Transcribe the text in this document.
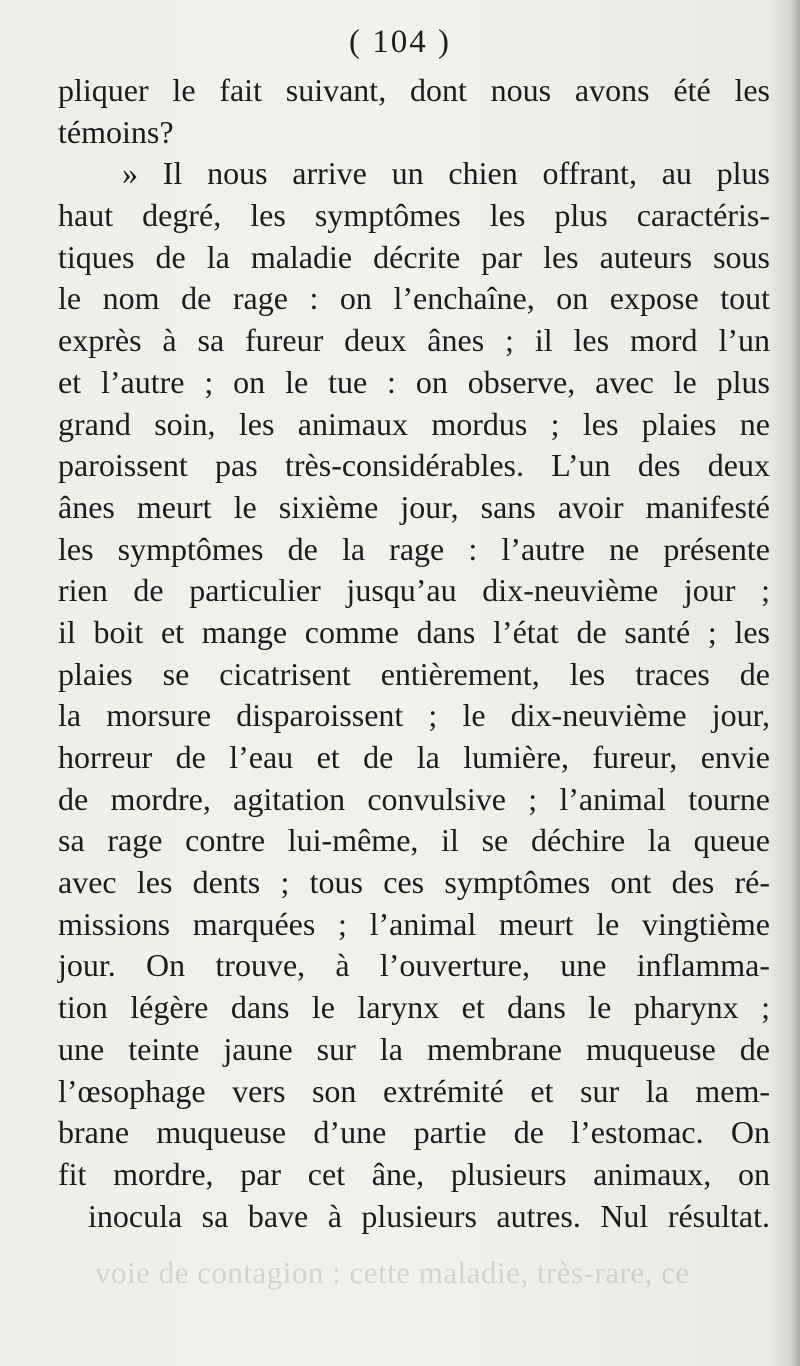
voie de contagion : cette maladie, très-rare, ce
( 104 )
pliquer le fait suivant, dont nous avons été les
témoins?
» Il nous arrive un chien offrant, au plus
haut degré, les symptômes les plus caractéris-
tiques de la maladie décrite par les auteurs sous
le nom de rage : on l’enchaîne, on expose tout
exprès à sa fureur deux ânes ; il les mord l’un
et l’autre ; on le tue : on observe, avec le plus
grand soin, les animaux mordus ; les plaies ne
paroissent pas très-considérables. L’un des deux
ânes meurt le sixième jour, sans avoir manifesté
les symptômes de la rage : l’autre ne présente
rien de particulier jusqu’au dix-neuvième jour ;
il boit et mange comme dans l’état de santé ; les
plaies se cicatrisent entièrement, les traces de
la morsure disparoissent ; le dix-neuvième jour,
horreur de l’eau et de la lumière, fureur, envie
de mordre, agitation convulsive ; l’animal tourne
sa rage contre lui-même, il se déchire la queue
avec les dents ; tous ces symptômes ont des ré-
missions marquées ; l’animal meurt le vingtième
jour. On trouve, à l’ouverture, une inflamma-
tion légère dans le larynx et dans le pharynx ;
une teinte jaune sur la membrane muqueuse de
l’œsophage vers son extrémité et sur la mem-
brane muqueuse d’une partie de l’estomac. On
fit mordre, par cet âne, plusieurs animaux, on
inocula sa bave à plusieurs autres. Nul résultat.
